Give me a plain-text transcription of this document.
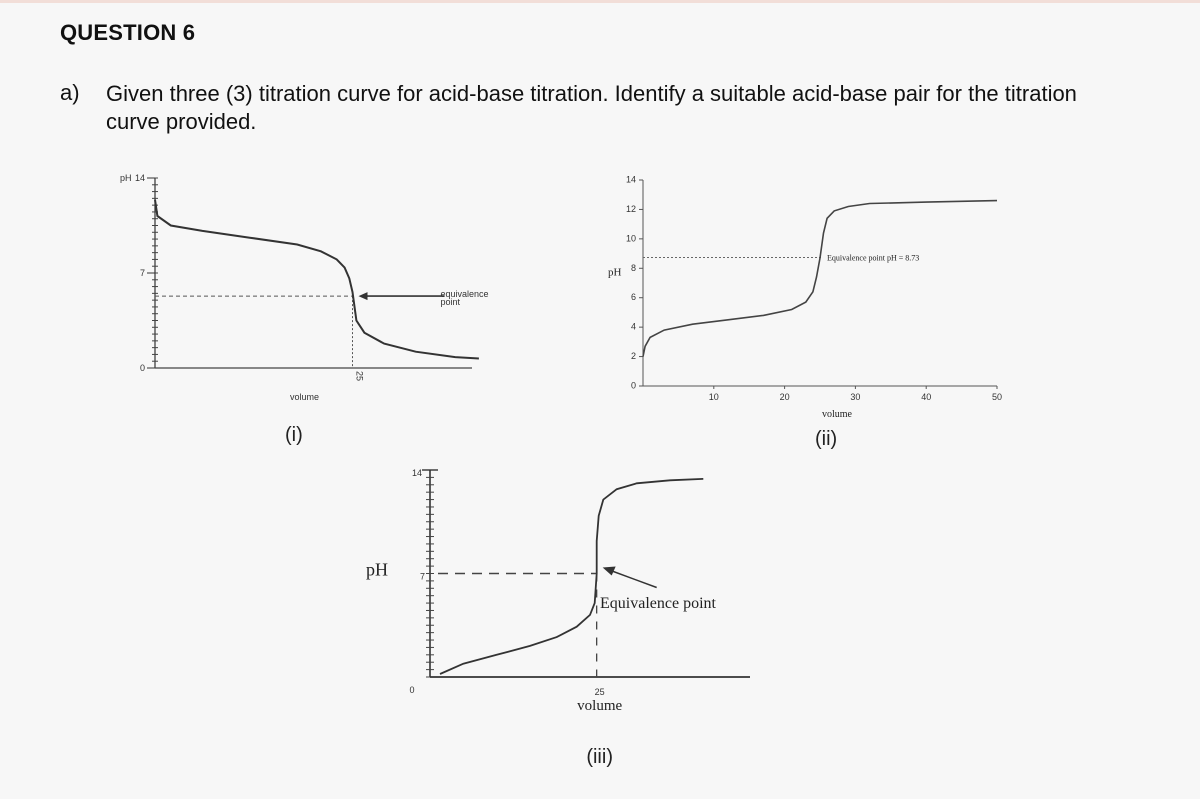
QUESTION 6
a) Given three (3) titration curve for acid-base titration. Identify a suitable acid-base pair for the titration curve provided.
0
7
14
pH
equivalence
point
25
volume
(i)
0
2
4
6
8
10
12
14
10	20	30	40	50
pH
volume
Equivalence point pH = 8.73
(ii)
14
7
0
pH
Equivalence point
25
volume
(iii)
